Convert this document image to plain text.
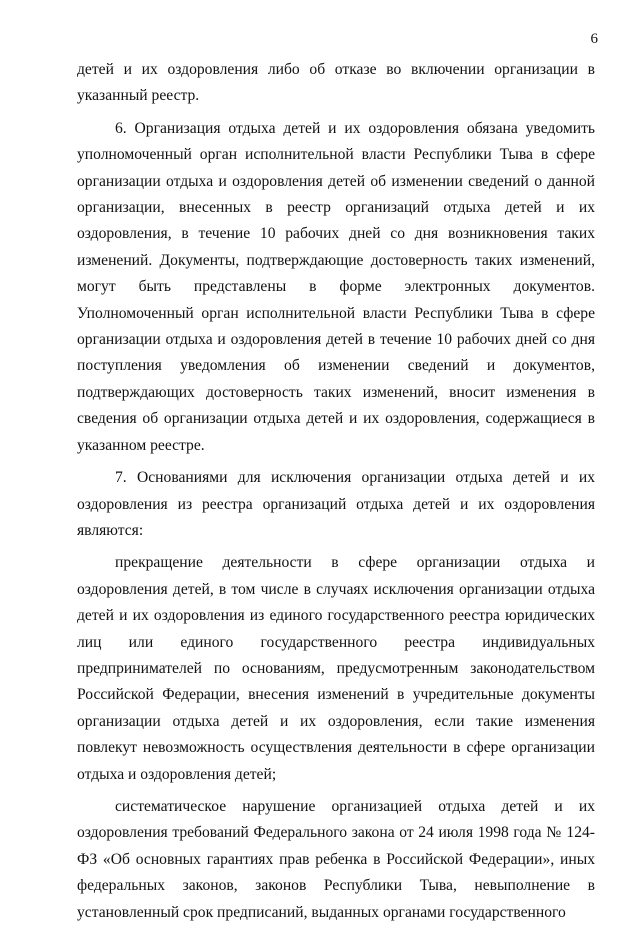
6

детей и их оздоровления либо об отказе во включении организации в указанный реестр.

6. Организация отдыха детей и их оздоровления обязана уведомить уполномоченный орган исполнительной власти Республики Тыва в сфере организации отдыха и оздоровления детей об изменении сведений о данной организации, внесенных в реестр организаций отдыха детей и их оздоровления, в течение 10 рабочих дней со дня возникновения таких изменений. Документы, подтверждающие достоверность таких изменений, могут быть представлены в форме электронных документов. Уполномоченный орган исполнительной власти Республики Тыва в сфере организации отдыха и оздоровления детей в течение 10 рабочих дней со дня поступления уведомления об изменении сведений и документов, подтверждающих достоверность таких изменений, вносит изменения в сведения об организации отдыха детей и их оздоровления, содержащиеся в указанном реестре.

7. Основаниями для исключения организации отдыха детей и их оздоровления из реестра организаций отдыха детей и их оздоровления являются:

прекращение деятельности в сфере организации отдыха и оздоровления детей, в том числе в случаях исключения организации отдыха детей и их оздоровления из единого государственного реестра юридических лиц или единого государственного реестра индивидуальных предпринимателей по основаниям, предусмотренным законодательством Российской Федерации, внесения изменений в учредительные документы организации отдыха детей и их оздоровления, если такие изменения повлекут невозможность осуществления деятельности в сфере организации отдыха и оздоровления детей;

систематическое нарушение организацией отдыха детей и их оздоровления требований Федерального закона от 24 июля 1998 года № 124-ФЗ «Об основных гарантиях прав ребенка в Российской Федерации», иных федеральных законов, законов Республики Тыва, невыполнение в установленный срок предписаний, выданных органами государственного
